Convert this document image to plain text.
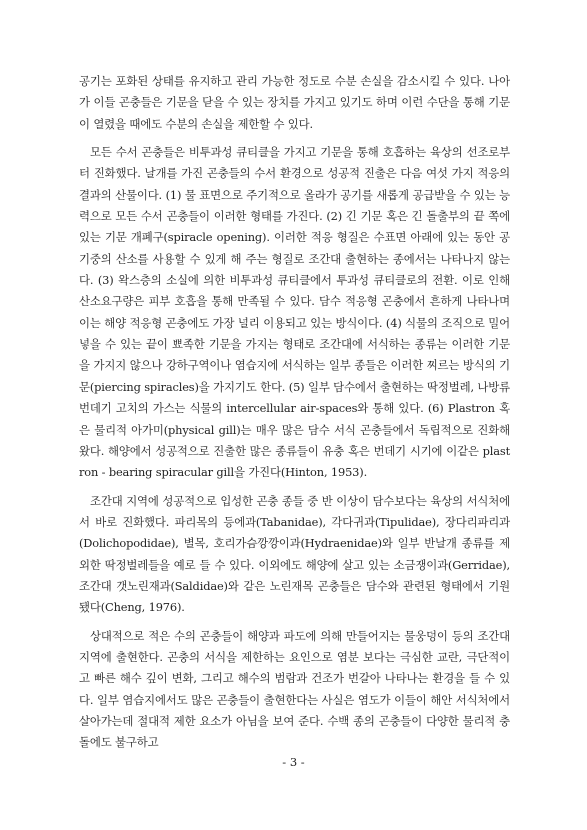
공기는 포화된 상태를 유지하고 관리 가능한 정도로 수분 손실을 감소시킬 수 있다. 나아가 이들 곤충들은 기문을 닫을 수 있는 장치를 가지고 있기도 하며 이런 수단을 통해 기문이 열렸을 때에도 수분의 손실을 제한할 수 있다.

모든 수서 곤충들은 비투과성 큐티클을 가지고 기문을 통해 호흡하는 육상의 선조로부터 진화했다. 날개를 가진 곤충들의 수서 환경으로 성공적 진출은 다음 여섯 가지 적응의 결과의 산물이다. (1) 물 표면으로 주기적으로 올라가 공기를 새롭게 공급받을 수 있는 능력으로 모든 수서 곤충들이 이러한 형태를 가진다. (2) 긴 기문 혹은 긴 돌출부의 끝 쪽에 있는 기문 개폐구(spiracle opening). 이러한 적응 형질은 수표면 아래에 있는 동안 공기중의 산소를 사용할 수 있게 해 주는 형질로 조간대 출현하는 종에서는 나타나지 않는다. (3) 왁스층의 소실에 의한 비투과성 큐티클에서 투과성 큐티클로의 전환. 이로 인해 산소요구량은 피부 호흡을 통해 만족될 수 있다. 담수 적응형 곤충에서 흔하게 나타나며 이는 해양 적응형 곤충에도 가장 널리 이용되고 있는 방식이다. (4) 식물의 조직으로 밀어 넣을 수 있는 끝이 뾰족한 기문을 가지는 형태로 조간대에 서식하는 종류는 이러한 기문을 가지지 않으나 강하구역이나 염습지에 서식하는 일부 종들은 이러한 찌르는 방식의 기문(piercing spiracles)을 가지기도 한다. (5) 일부 담수에서 출현하는 딱정벌레, 나방류 번데기 고치의 가스는 식물의 intercellular air-spaces와 통해 있다. (6) Plastron 혹은 물리적 아가미(physical gill)는 매우 많은 담수 서식 곤충들에서 독립적으로 진화해왔다. 해양에서 성공적으로 진출한 많은 종류들이 유충 혹은 번데기 시기에 이같은 plastron - bearing spiracular gill을 가진다(Hinton, 1953).

조간대 지역에 성공적으로 입성한 곤충 종들 중 반 이상이 담수보다는 육상의 서식처에서 바로 진화했다. 파리목의 등에과(Tabanidae), 각다귀과(Tipulidae), 장다리파리과(Dolichopodidae), 별목, 호리가슴깡깡이과(Hydraenidae)와 일부 반날개 종류를 제외한 딱정벌레들을 예로 들 수 있다. 이외에도 해양에 살고 있는 소금쟁이과(Gerridae), 조간대 갯노린재과(Saldidae)와 같은 노린재목 곤충들은 담수와 관련된 형태에서 기원됐다(Cheng, 1976).

상대적으로 적은 수의 곤충들이 해양과 파도에 의해 만들어지는 물웅덩이 등의 조간대 지역에 출현한다. 곤충의 서식을 제한하는 요인으로 염분 보다는 극심한 교란, 극단적이고 빠른 해수 깊이 변화, 그리고 해수의 범람과 건조가 번갈아 나타나는 환경을 들 수 있다. 일부 염습지에서도 많은 곤충들이 출현한다는 사실은 염도가 이들이 해안 서식처에서 살아가는데 절대적 제한 요소가 아님을 보여 준다. 수백 종의 곤충들이 다양한 물리적 충돌에도 불구하고

- 3 -
